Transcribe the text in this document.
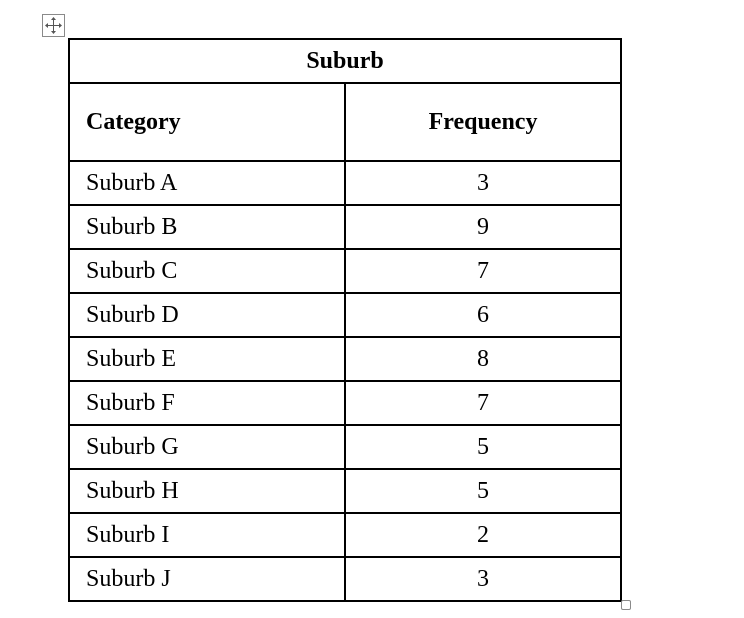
Suburb	
Category	Frequency
Suburb A	3
Suburb B	9
Suburb C	7
Suburb D	6
Suburb E	8
Suburb F	7
Suburb G	5
Suburb H	5
Suburb I	2
Suburb J	3
